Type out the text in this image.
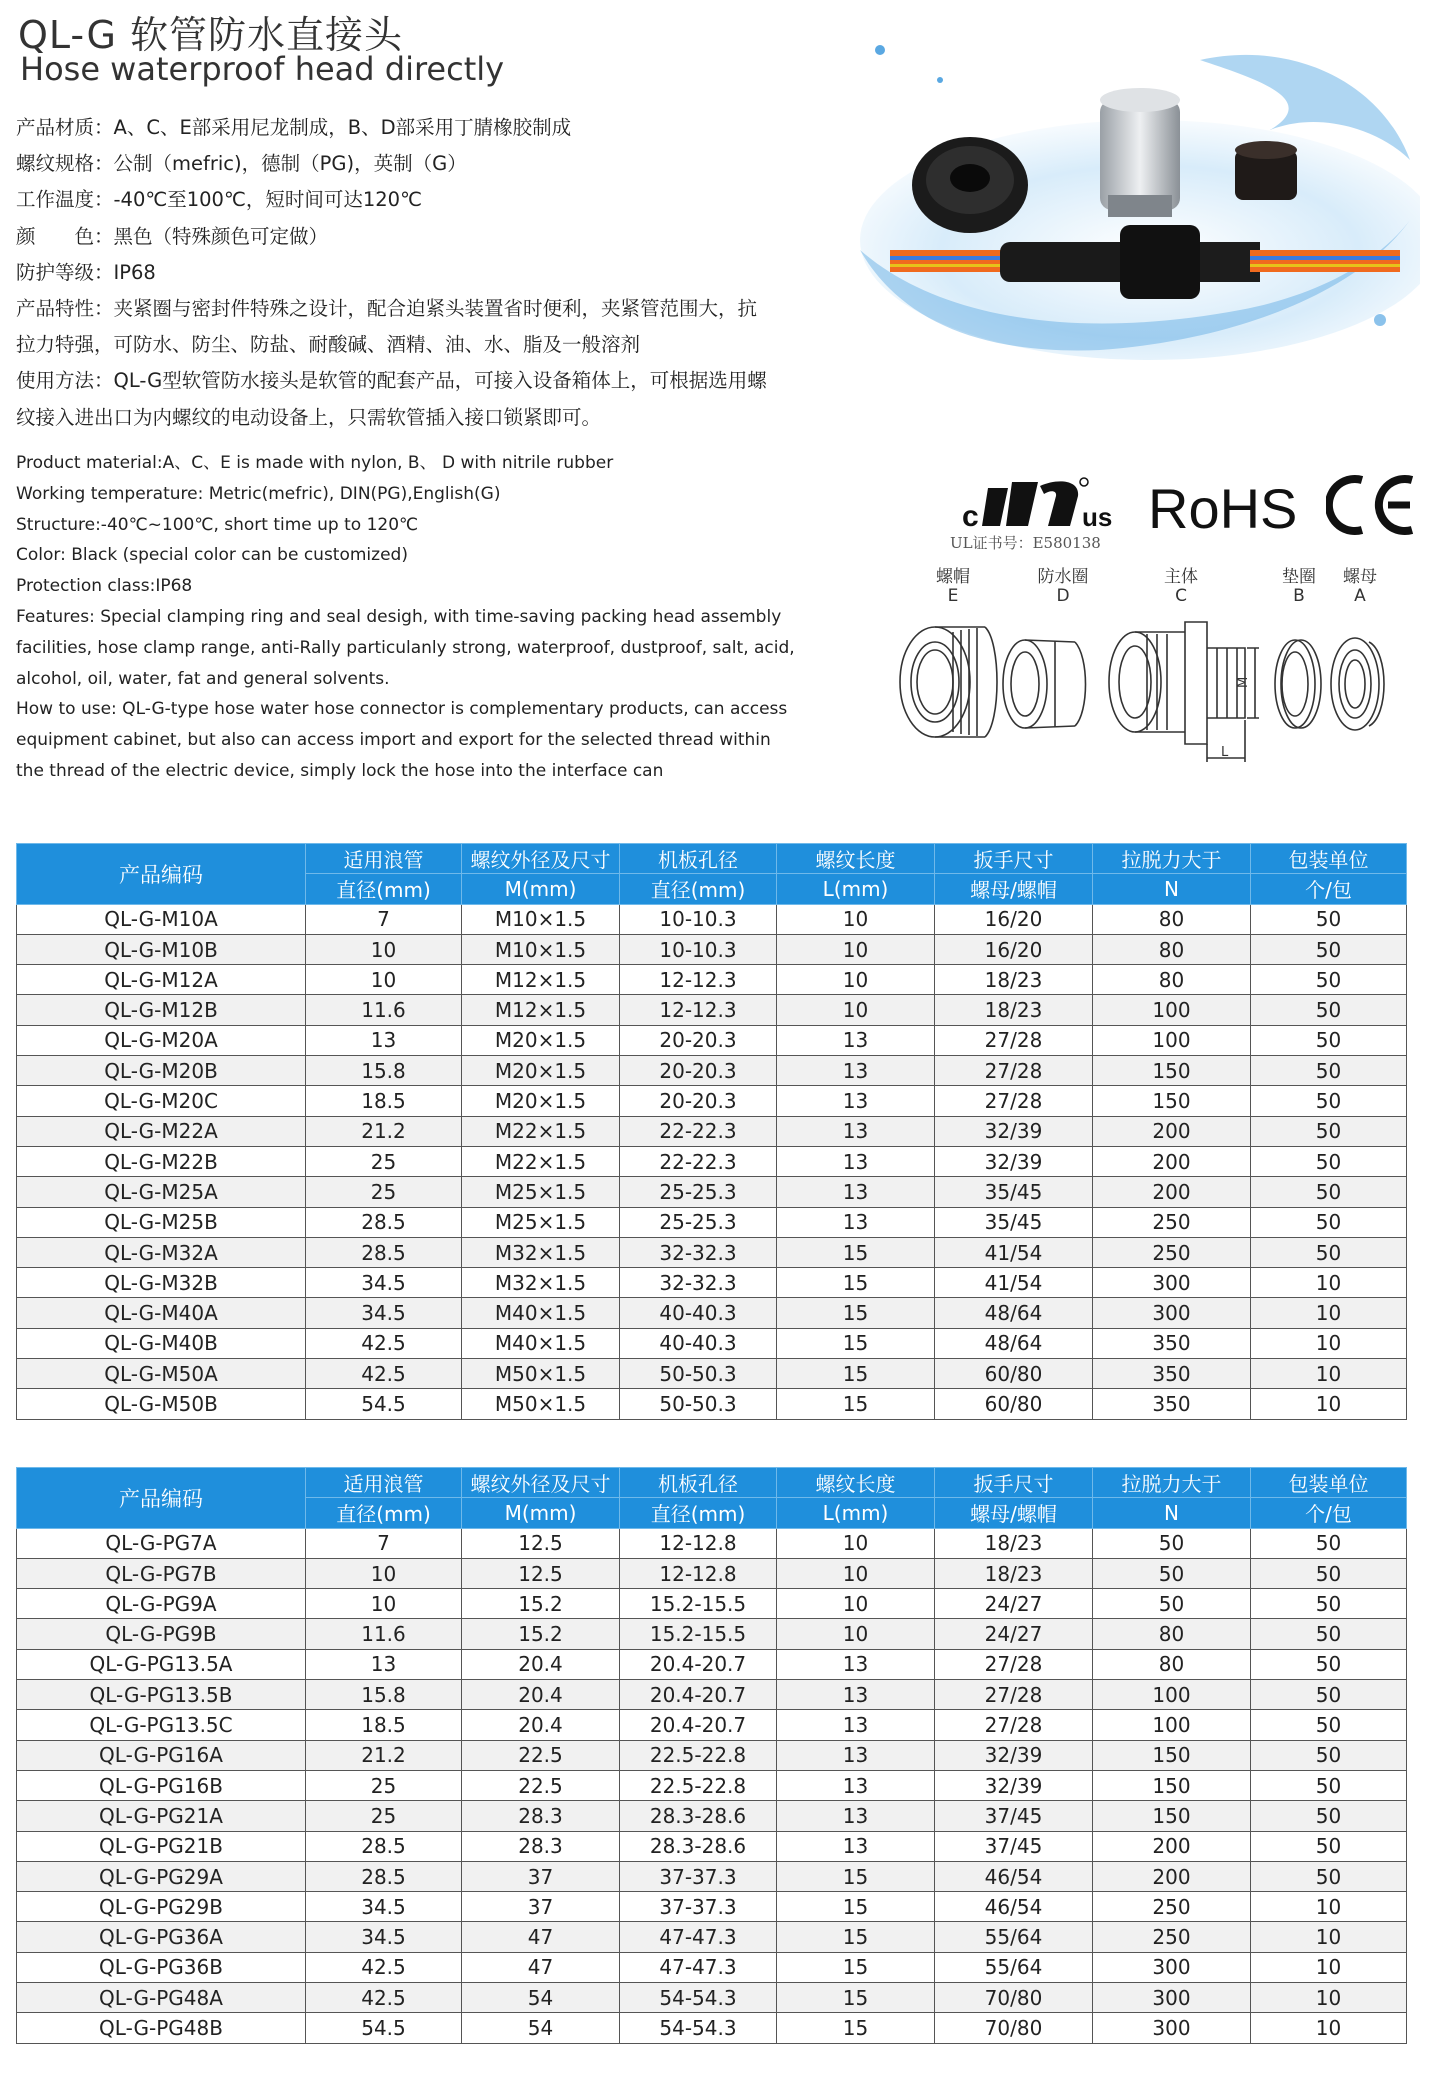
QL-G 软管防水直接头
Hose waterproof head directly
产品材质：A、C、E部采用尼龙制成，B、D部采用丁腈橡胶制成
螺纹规格：公制（mefric)，德制（PG)，英制（G）
工作温度：-40℃至100℃，短时间可达120℃
颜　　色：黑色（特殊颜色可定做）
防护等级：IP68
产品特性：夹紧圈与密封件特殊之设计，配合迫紧头装置省时便利，夹紧管范围大，抗
拉力特强，可防水、防尘、防盐、耐酸碱、酒精、油、水、脂及一般溶剂
使用方法：QL-G型软管防水接头是软管的配套产品，可接入设备箱体上，可根据选用螺
纹接入进出口为内螺纹的电动设备上，只需软管插入接口锁紧即可。
Product material:A、C、E is made with nylon, B、 D with nitrile rubber
Working temperature: Metric(mefric), DIN(PG),English(G)
Structure:-40℃~100℃, short time up to 120℃
Color: Black (special color can be customized)
Protection class:IP68
Features: Special clamping ring and seal desigh, with time-saving packing head assembly
facilities, hose clamp range, anti-Rally particulanly strong, waterproof, dustproof, salt, acid,
alcohol, oil, water, fat and general solvents.
How to use: QL-G-type hose water hose connector is complementary products, can access
equipment cabinet, but also can access import and export for the selected thread within
the thread of the electric device, simply lock the hose into the interface can
c	us
UL证书号：E580138
RoHS
螺帽
E
防水圈
D
主体
C
垫圈
B
螺母
A
M
L
产品编码	适用浪管	螺纹外径及尺寸	机板孔径	螺纹长度	扳手尺寸	拉脱力大于	包装单位
	直径(mm)	M(mm)	直径(mm)	L(mm)	螺母/螺帽	N	个/包
QL-G-M10A	7	M10×1.5	10-10.3	10	16/20	80	50
QL-G-M10B	10	M10×1.5	10-10.3	10	16/20	80	50
QL-G-M12A	10	M12×1.5	12-12.3	10	18/23	80	50
QL-G-M12B	11.6	M12×1.5	12-12.3	10	18/23	100	50
QL-G-M20A	13	M20×1.5	20-20.3	13	27/28	100	50
QL-G-M20B	15.8	M20×1.5	20-20.3	13	27/28	150	50
QL-G-M20C	18.5	M20×1.5	20-20.3	13	27/28	150	50
QL-G-M22A	21.2	M22×1.5	22-22.3	13	32/39	200	50
QL-G-M22B	25	M22×1.5	22-22.3	13	32/39	200	50
QL-G-M25A	25	M25×1.5	25-25.3	13	35/45	200	50
QL-G-M25B	28.5	M25×1.5	25-25.3	13	35/45	250	50
QL-G-M32A	28.5	M32×1.5	32-32.3	15	41/54	250	50
QL-G-M32B	34.5	M32×1.5	32-32.3	15	41/54	300	10
QL-G-M40A	34.5	M40×1.5	40-40.3	15	48/64	300	10
QL-G-M40B	42.5	M40×1.5	40-40.3	15	48/64	350	10
QL-G-M50A	42.5	M50×1.5	50-50.3	15	60/80	350	10
QL-G-M50B	54.5	M50×1.5	50-50.3	15	60/80	350	10
产品编码	适用浪管	螺纹外径及尺寸	机板孔径	螺纹长度	扳手尺寸	拉脱力大于	包装单位
	直径(mm)	M(mm)	直径(mm)	L(mm)	螺母/螺帽	N	个/包
QL-G-PG7A	7	12.5	12-12.8	10	18/23	50	50
QL-G-PG7B	10	12.5	12-12.8	10	18/23	50	50
QL-G-PG9A	10	15.2	15.2-15.5	10	24/27	50	50
QL-G-PG9B	11.6	15.2	15.2-15.5	10	24/27	80	50
QL-G-PG13.5A	13	20.4	20.4-20.7	13	27/28	80	50
QL-G-PG13.5B	15.8	20.4	20.4-20.7	13	27/28	100	50
QL-G-PG13.5C	18.5	20.4	20.4-20.7	13	27/28	100	50
QL-G-PG16A	21.2	22.5	22.5-22.8	13	32/39	150	50
QL-G-PG16B	25	22.5	22.5-22.8	13	32/39	150	50
QL-G-PG21A	25	28.3	28.3-28.6	13	37/45	150	50
QL-G-PG21B	28.5	28.3	28.3-28.6	13	37/45	200	50
QL-G-PG29A	28.5	37	37-37.3	15	46/54	200	50
QL-G-PG29B	34.5	37	37-37.3	15	46/54	250	10
QL-G-PG36A	34.5	47	47-47.3	15	55/64	250	10
QL-G-PG36B	42.5	47	47-47.3	15	55/64	300	10
QL-G-PG48A	42.5	54	54-54.3	15	70/80	300	10
QL-G-PG48B	54.5	54	54-54.3	15	70/80	300	10
